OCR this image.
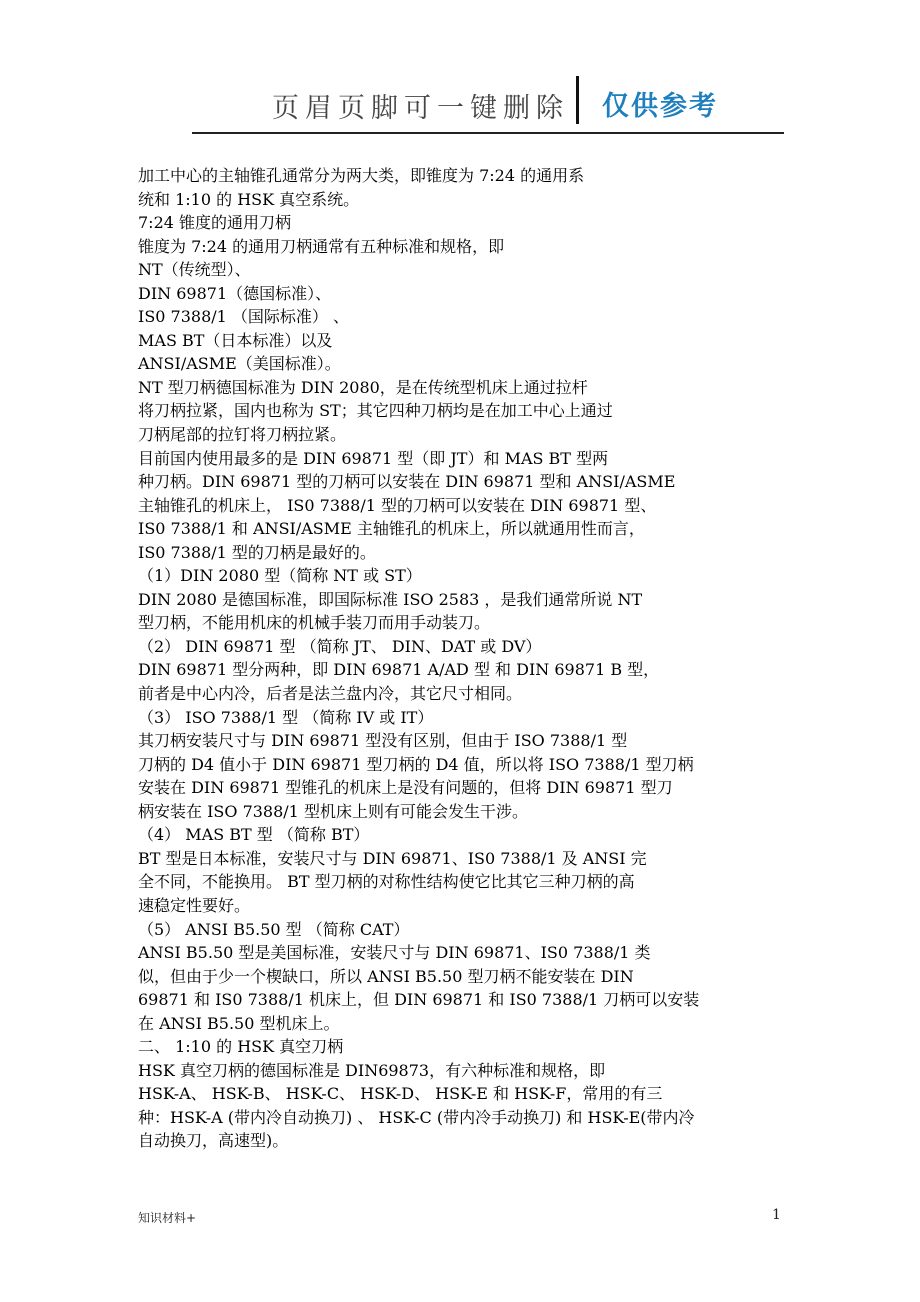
页眉页脚可一键删除 仅供参考
加工中心的主轴锥孔通常分为两大类，即锥度为 7:24 的通用系
统和 1:10 的 HSK 真空系统。
7:24 锥度的通用刀柄
锥度为 7:24 的通用刀柄通常有五种标准和规格，即
NT（传统型）、
DIN 69871（德国标准）、
IS0 7388/1 （国际标准） 、
MAS BT（日本标准）以及
ANSI/ASME（美国标准）。
NT 型刀柄德国标准为 DIN 2080，是在传统型机床上通过拉杆
将刀柄拉紧，国内也称为 ST；其它四种刀柄均是在加工中心上通过
刀柄尾部的拉钉将刀柄拉紧。
目前国内使用最多的是 DIN 69871 型（即 JT）和 MAS BT 型两
种刀柄。DIN 69871 型的刀柄可以安装在 DIN 69871 型和 ANSI/ASME
主轴锥孔的机床上， IS0 7388/1 型的刀柄可以安装在 DIN 69871 型、
IS0 7388/1 和 ANSI/ASME 主轴锥孔的机床上，所以就通用性而言，
IS0 7388/1 型的刀柄是最好的。
（1）DIN 2080 型（简称 NT 或 ST）
DIN 2080 是德国标准，即国际标准 ISO 2583 ，是我们通常所说 NT
型刀柄，不能用机床的机械手装刀而用手动装刀。
（2） DIN 69871 型 （简称 JT、 DIN、DAT 或 DV）
DIN 69871 型分两种，即 DIN 69871 A/AD 型 和 DIN 69871 B 型，
前者是中心内冷，后者是法兰盘内冷，其它尺寸相同。
（3） ISO 7388/1 型 （简称 IV 或 IT）
其刀柄安装尺寸与 DIN 69871 型没有区别，但由于 ISO 7388/1 型
刀柄的 D4 值小于 DIN 69871 型刀柄的 D4 值，所以将 ISO 7388/1 型刀柄
安装在 DIN 69871 型锥孔的机床上是没有问题的，但将 DIN 69871 型刀
柄安装在 ISO 7388/1 型机床上则有可能会发生干涉。
（4） MAS BT 型 （简称 BT）
BT 型是日本标准，安装尺寸与 DIN 69871、IS0 7388/1 及 ANSI 完
全不同，不能换用。 BT 型刀柄的对称性结构使它比其它三种刀柄的高
速稳定性要好。
（5） ANSI B5.50 型 （简称 CAT）
ANSI B5.50 型是美国标准，安装尺寸与 DIN 69871、IS0 7388/1 类
似，但由于少一个楔缺口，所以 ANSI B5.50 型刀柄不能安装在 DIN
69871 和 IS0 7388/1 机床上，但 DIN 69871 和 IS0 7388/1 刀柄可以安装
在 ANSI B5.50 型机床上。
二、 1:10 的 HSK 真空刀柄
HSK 真空刀柄的德国标准是 DIN69873，有六种标准和规格，即
HSK-A、 HSK-B、 HSK-C、 HSK-D、 HSK-E 和 HSK-F，常用的有三
种：HSK-A (带内冷自动换刀) 、 HSK-C (带内冷手动换刀) 和 HSK-E(带内冷
自动换刀，高速型)。
知识材料+	1
